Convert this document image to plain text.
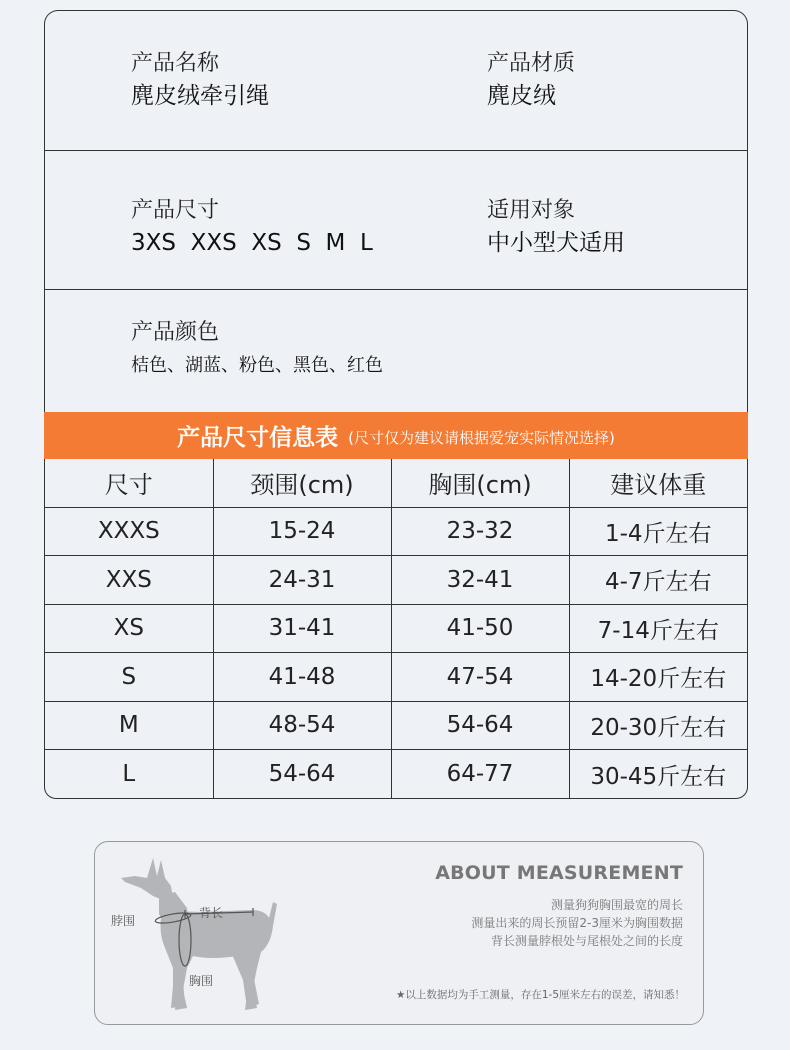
产品名称
麂皮绒牵引绳
产品材质
麂皮绒
产品尺寸
3XS  XXS  XS  S  M  L
适用对象
中小型犬适用
产品颜色
桔色、湖蓝、粉色、黑色、红色
产品尺寸信息表 (尺寸仅为建议请根据爱宠实际情况选择)
尺寸	颈围(cm)	胸围(cm)	建议体重
XXXS	15-24	23-32	1-4斤左右
XXS	24-31	32-41	4-7斤左右
XS	31-41	41-50	7-14斤左右
S	41-48	47-54	14-20斤左右
M	48-54	54-64	20-30斤左右
L	54-64	64-77	30-45斤左右
脖围
背长
胸围
ABOUT MEASUREMENT
测量狗狗胸围最宽的周长
测量出来的周长预留2-3厘米为胸围数据
背长测量脖根处与尾根处之间的长度
★以上数据均为手工测量，存在1-5厘米左右的误差，请知悉！
